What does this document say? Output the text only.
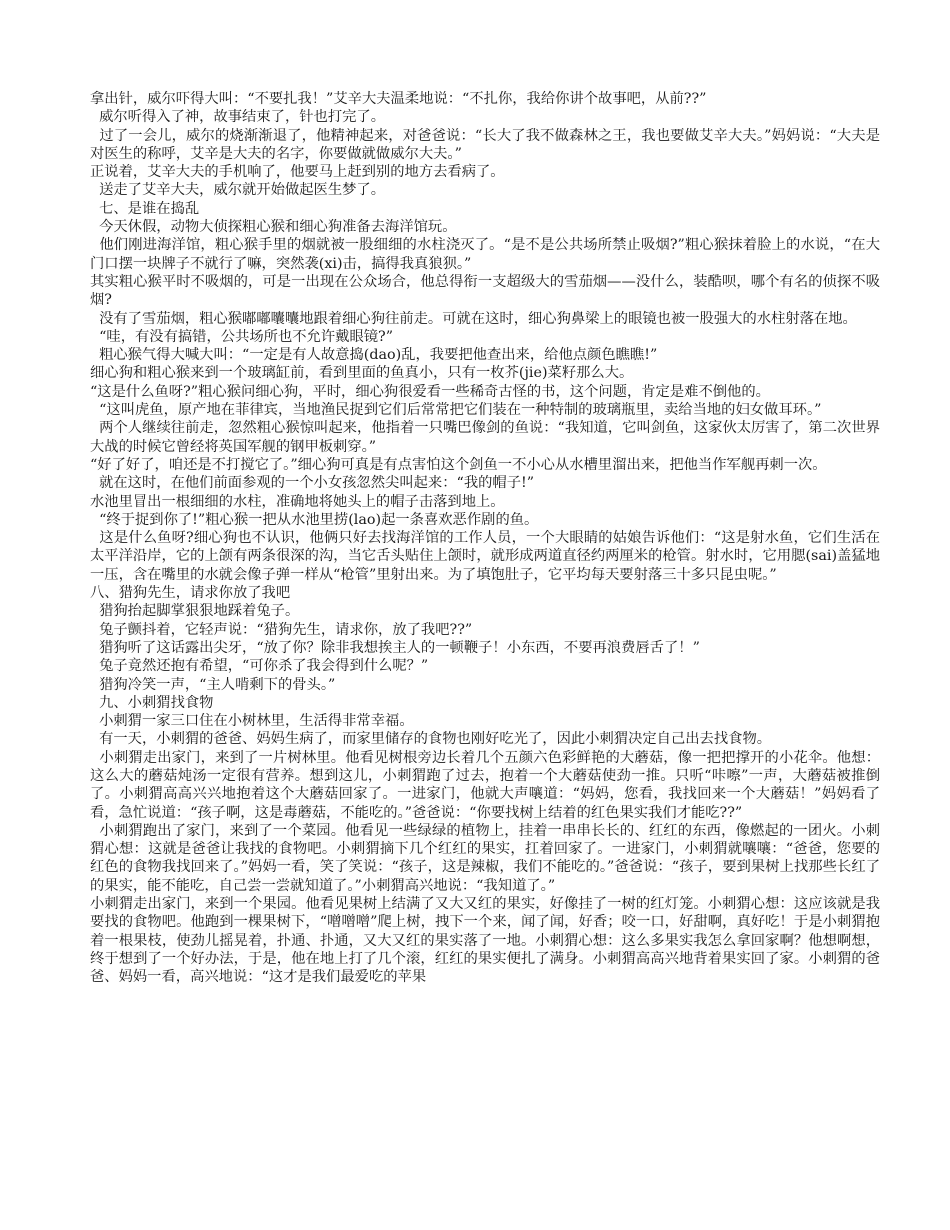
拿出针，威尔吓得大叫：“不要扎我！”艾辛大夫温柔地说：“不扎你，我给你讲个故事吧，从前??”

威尔听得入了神，故事结束了，针也打完了。

过了一会儿，威尔的烧渐渐退了，他精神起来，对爸爸说：“长大了我不做森林之王，我也要做艾辛大夫。”妈妈说：“大夫是对医生的称呼，艾辛是大夫的名字，你要做就做威尔大夫。”

正说着，艾辛大夫的手机响了，他要马上赶到别的地方去看病了。

送走了艾辛大夫，威尔就开始做起医生梦了。

七、是谁在捣乱

今天休假，动物大侦探粗心猴和细心狗准备去海洋馆玩。

他们刚进海洋馆，粗心猴手里的烟就被一股细细的水柱浇灭了。“是不是公共场所禁止吸烟?”粗心猴抹着脸上的水说，“在大门口摆一块牌子不就行了嘛，突然袭(xi)击，搞得我真狼狈。”

其实粗心猴平时不吸烟的，可是一出现在公众场合，他总得衔一支超级大的雪茄烟——没什么，装酷呗，哪个有名的侦探不吸烟?

没有了雪茄烟，粗心猴嘟嘟囔囔地跟着细心狗往前走。可就在这时，细心狗鼻梁上的眼镜也被一股强大的水柱射落在地。

“哇，有没有搞错，公共场所也不允许戴眼镜?”

粗心猴气得大喊大叫：“一定是有人故意捣(dao)乱，我要把他查出来，给他点颜色瞧瞧!”

细心狗和粗心猴来到一个玻璃缸前，看到里面的鱼真小，只有一枚芥(jie)菜籽那么大。

“这是什么鱼呀?”粗心猴问细心狗，平时，细心狗很爱看一些稀奇古怪的书，这个问题，肯定是难不倒他的。

“这叫虎鱼，原产地在菲律宾，当地渔民捉到它们后常常把它们装在一种特制的玻璃瓶里，卖给当地的妇女做耳环。”

两个人继续往前走，忽然粗心猴惊叫起来，他指着一只嘴巴像剑的鱼说：“我知道，它叫剑鱼，这家伙太厉害了，第二次世界大战的时候它曾经将英国军舰的钢甲板刺穿。”

“好了好了，咱还是不打搅它了。”细心狗可真是有点害怕这个剑鱼一不小心从水槽里溜出来，把他当作军舰再刺一次。

就在这时，在他们前面参观的一个小女孩忽然尖叫起来：“我的帽子!”

水池里冒出一根细细的水柱，准确地将她头上的帽子击落到地上。

“终于捉到你了!”粗心猴一把从水池里捞(lao)起一条喜欢恶作剧的鱼。

这是什么鱼呀?细心狗也不认识，他俩只好去找海洋馆的工作人员，一个大眼睛的姑娘告诉他们：“这是射水鱼，它们生活在太平洋沿岸，它的上颌有两条很深的沟，当它舌头贴住上颌时，就形成两道直径约两厘米的枪管。射水时，它用腮(sai)盖猛地一压，含在嘴里的水就会像子弹一样从“枪管”里射出来。为了填饱肚子，它平均每天要射落三十多只昆虫呢。”

八、猎狗先生，请求你放了我吧

猎狗抬起脚掌狠狠地踩着兔子。

兔子颤抖着，它轻声说：“猎狗先生，请求你，放了我吧??”

猎狗听了这话露出尖牙，“放了你？除非我想挨主人的一顿鞭子！小东西，不要再浪费唇舌了！”

兔子竟然还抱有希望，“可你杀了我会得到什么呢？”

猎狗冷笑一声，“主人啃剩下的骨头。”

九、小刺猬找食物

小刺猬一家三口住在小树林里，生活得非常幸福。

有一天，小刺猬的爸爸、妈妈生病了，而家里储存的食物也刚好吃光了，因此小刺猬决定自己出去找食物。

小刺猬走出家门，来到了一片树林里。他看见树根旁边长着几个五颜六色彩鲜艳的大蘑菇，像一把把撑开的小花伞。他想：这么大的蘑菇炖汤一定很有营养。想到这儿，小刺猬跑了过去，抱着一个大蘑菇使劲一推。只听“咔嚓”一声，大蘑菇被推倒了。小刺猬高高兴兴地抱着这个大蘑菇回家了。一进家门，他就大声嚷道：“妈妈，您看，我找回来一个大蘑菇！”妈妈看了看，急忙说道：“孩子啊，这是毒蘑菇，不能吃的。”爸爸说：“你要找树上结着的红色果实我们才能吃??”

小刺猬跑出了家门，来到了一个菜园。他看见一些绿绿的植物上，挂着一串串长长的、红红的东西，像燃起的一团火。小刺猬心想：这就是爸爸让我找的食物吧。小刺猬摘下几个红红的果实，扛着回家了。一进家门，小刺猬就嚷嚷：“爸爸，您要的红色的食物我找回来了。”妈妈一看，笑了笑说：“孩子，这是辣椒，我们不能吃的。”爸爸说：“孩子，要到果树上找那些长红了的果实，能不能吃，自己尝一尝就知道了。”小刺猬高兴地说：“我知道了。”

小刺猬走出家门，来到一个果园。他看见果树上结满了又大又红的果实，好像挂了一树的红灯笼。小刺猬心想：这应该就是我要找的食物吧。他跑到一棵果树下，“噌噌噌”爬上树，拽下一个来，闻了闻，好香；咬一口，好甜啊，真好吃！于是小刺猬抱着一根果枝，使劲儿摇晃着，扑通、扑通，又大又红的果实落了一地。小刺猬心想：这么多果实我怎么拿回家啊？他想啊想，终于想到了一个好办法，于是，他在地上打了几个滚，红红的果实便扎了满身。小刺猬高高兴地背着果实回了家。小刺猬的爸爸、妈妈一看，高兴地说：“这才是我们最爱吃的苹果
